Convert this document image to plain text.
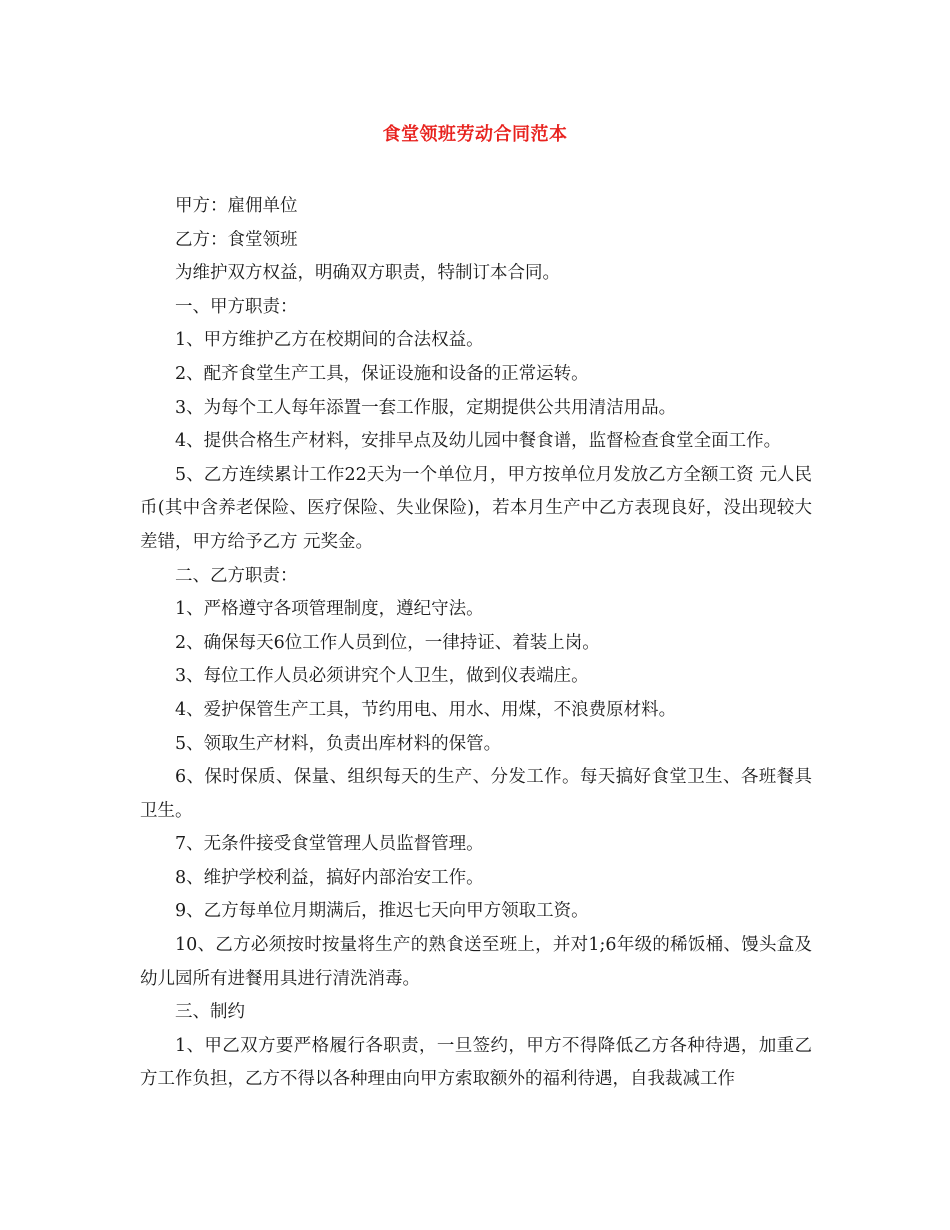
食堂领班劳动合同范本

甲方：雇佣单位

乙方：食堂领班

为维护双方权益，明确双方职责，特制订本合同。

一、甲方职责：

1、甲方维护乙方在校期间的合法权益。

2、配齐食堂生产工具，保证设施和设备的正常运转。

3、为每个工人每年添置一套工作服，定期提供公共用清洁用品。

4、提供合格生产材料，安排早点及幼儿园中餐食谱，监督检查食堂全面工作。

5、乙方连续累计工作22天为一个单位月，甲方按单位月发放乙方全额工资 元人民币(其中含养老保险、医疗保险、失业保险)，若本月生产中乙方表现良好，没出现较大差错，甲方给予乙方 元奖金。

二、乙方职责：

1、严格遵守各项管理制度，遵纪守法。

2、确保每天6位工作人员到位，一律持证、着装上岗。

3、每位工作人员必须讲究个人卫生，做到仪表端庄。

4、爱护保管生产工具，节约用电、用水、用煤，不浪费原材料。

5、领取生产材料，负责出库材料的保管。

6、保时保质、保量、组织每天的生产、分发工作。每天搞好食堂卫生、各班餐具卫生。

7、无条件接受食堂管理人员监督管理。

8、维护学校利益，搞好内部治安工作。

9、乙方每单位月期满后，推迟七天向甲方领取工资。

10、乙方必须按时按量将生产的熟食送至班上，并对1;6年级的稀饭桶、馒头盒及幼儿园所有进餐用具进行清洗消毒。

三、制约

1、甲乙双方要严格履行各职责，一旦签约，甲方不得降低乙方各种待遇，加重乙方工作负担，乙方不得以各种理由向甲方索取额外的福利待遇，自我裁减工作
